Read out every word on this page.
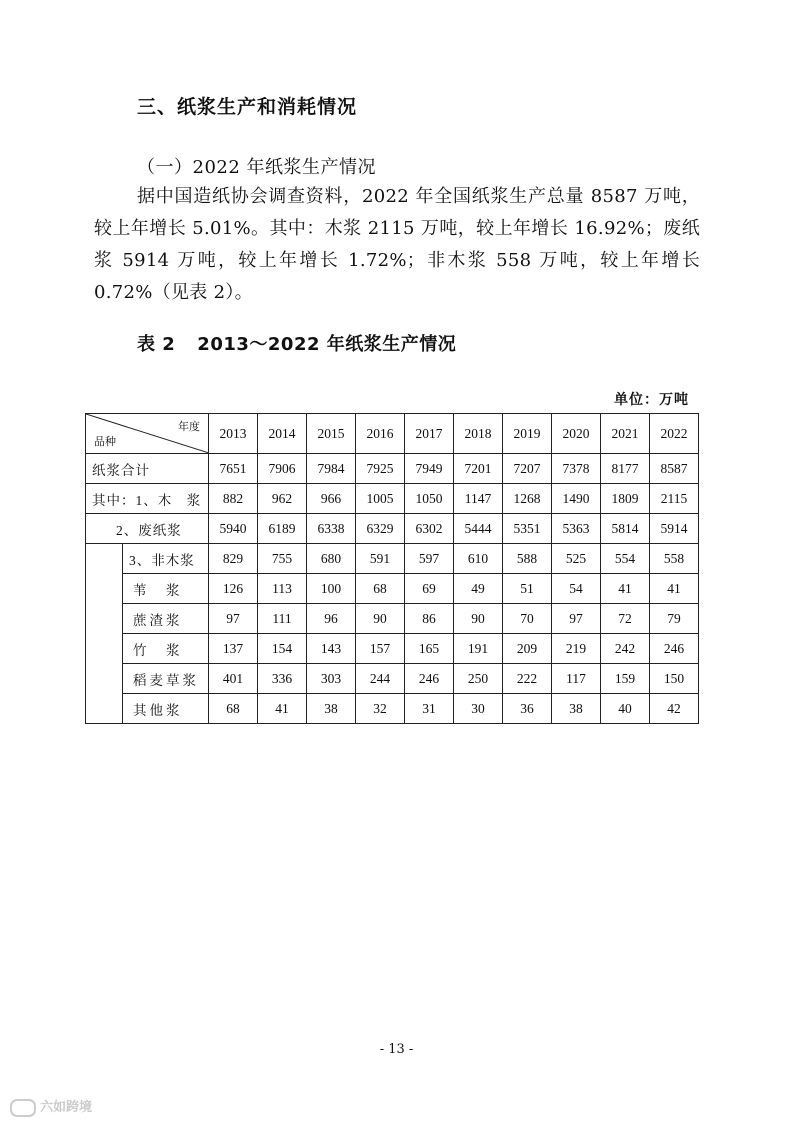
三、纸浆生产和消耗情况
（一）2022 年纸浆生产情况

据中国造纸协会调查资料，2022 年全国纸浆生产总量 8587 万吨，较上年增长 5.01%。其中：木浆 2115 万吨，较上年增长 16.92%；废纸浆 5914 万吨，较上年增长 1.72%；非木浆 558 万吨，较上年增长 0.72%（见表 2）。

表 2 2013～2022 年纸浆生产情况
单位：万吨
年度
品种		2013	2014	2015	2016	2017	2018	2019	2020	2021	2022
纸浆合计		7651	7906	7984	7925	7949	7201	7207	7378	8177	8587
其中：1、木　浆		882	962	966	1005	1050	1147	1268	1490	1809	2115
2、废纸浆		5940	6189	6338	6329	6302	5444	5351	5363	5814	5914
	3、非木浆	829	755	680	591	597	610	588	525	554	558
	苇　浆	126	113	100	68	69	49	51	54	41	41
	蔗渣浆	97	111	96	90	86	90	70	97	72	79
	竹　浆	137	154	143	157	165	191	209	219	242	246
	稻麦草浆	401	336	303	244	246	250	222	117	159	150
	其他浆	68	41	38	32	31	30	36	38	40	42
- 13 -
六如跨境
